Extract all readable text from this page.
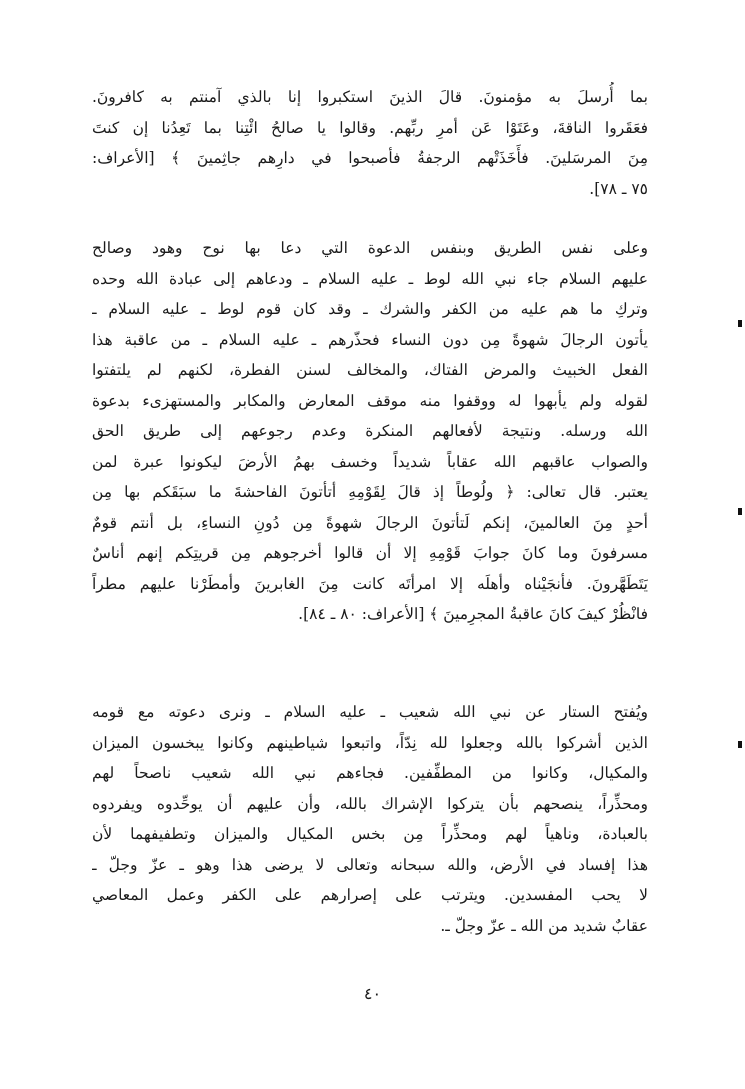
بما أُرسلَ به مؤمنونَ. قالَ الذينَ استكبروا إنا بالذي آمنتم به كافرونَ.
فعَقَروا الناقةَ، وعَتَوْا عَن أمرِ ربِّهم. وقالوا يا صالحُ ائْتِنا بما تَعِدُنا إن كنتَ
مِنَ المرسَلينَ. فأَخَذَتْهم الرجفةُ فأصبحوا في دارِهم جاثِمينَ ﴾ [الأعراف:
٧٥ ـ ٧٨].
وعلى نفس الطريق وبنفس الدعوة التي دعا بها نوح وهود وصالح
عليهم السلام جاء نبي الله لوط ـ عليه السلام ـ ودعاهم إلى عبادة الله وحده
وتركِ ما هم عليه من الكفر والشرك ـ وقد كان قوم لوط ـ عليه السلام ـ
يأتون الرجالَ شهوةً مِن دون النساء فحذّرهم ـ عليه السلام ـ من عاقبة هذا
الفعل الخبيث والمرض الفتاك، والمخالف لسنن الفطرة، لكنهم لم يلتفتوا
لقوله ولم يأبهوا له ووقفوا منه موقف المعارض والمكابر والمستهزىء بدعوة
الله ورسله. ونتيجة لأفعالهم المنكرة وعدم رجوعهم إلى طريق الحق
والصواب عاقبهم الله عقاباً شديداً وخسف بهمُ الأرضَ ليكونوا عبرة لمن
يعتبر. قال تعالى: ﴿ ولُوطاً إذ قالَ لِقَوْمِهِ أتأتونَ الفاحشةَ ما سبَقَكم بها مِن
أحدٍ مِنَ العالمينَ، إنكم لَتأتونَ الرجالَ شهوةً مِن دُونِ النساءِ، بل أنتم قومٌ
مسرفونَ وما كانَ جوابَ قَوْمِهِ إلا أن قالوا أخرجوهم مِن قريتِكم إنهم أناسٌ
يَتَطَهَّرونَ. فأنجَيْناه وأهلَه إلا امرأتَه كانت مِنَ الغابرينَ وأمطَرْنا عليهم مطراً
فانْظُرْ كيفَ كانَ عاقبةُ المجرِمينَ ﴾ [الأعراف: ٨٠ ـ ٨٤].
ويُفتح الستار عن نبي الله شعيب ـ عليه السلام ـ ونرى دعوته مع قومه
الذين أشركوا بالله وجعلوا لله نِدّاً، واتبعوا شياطينهم وكانوا يبخسون الميزان
والمكيال، وكانوا من المطفِّفين. فجاءهم نبي الله شعيب ناصحاً لهم
ومحذِّراً، ينصحهم بأن يتركوا الإشراك بالله، وأن عليهم أن يوحِّدوه ويفردوه
بالعبادة، وناهياً لهم ومحذِّراً مِن بخس المكيال والميزان وتطفيفهما لأن
هذا إفساد في الأرض، والله سبحانه وتعالى لا يرضى هذا وهو ـ عزّ وجلّ ـ
لا يحب المفسدين. ويترتب على إصرارهم على الكفر وعمل المعاصي
عقابٌ شديد من الله ـ عزّ وجلّ ـ.
٤٠
